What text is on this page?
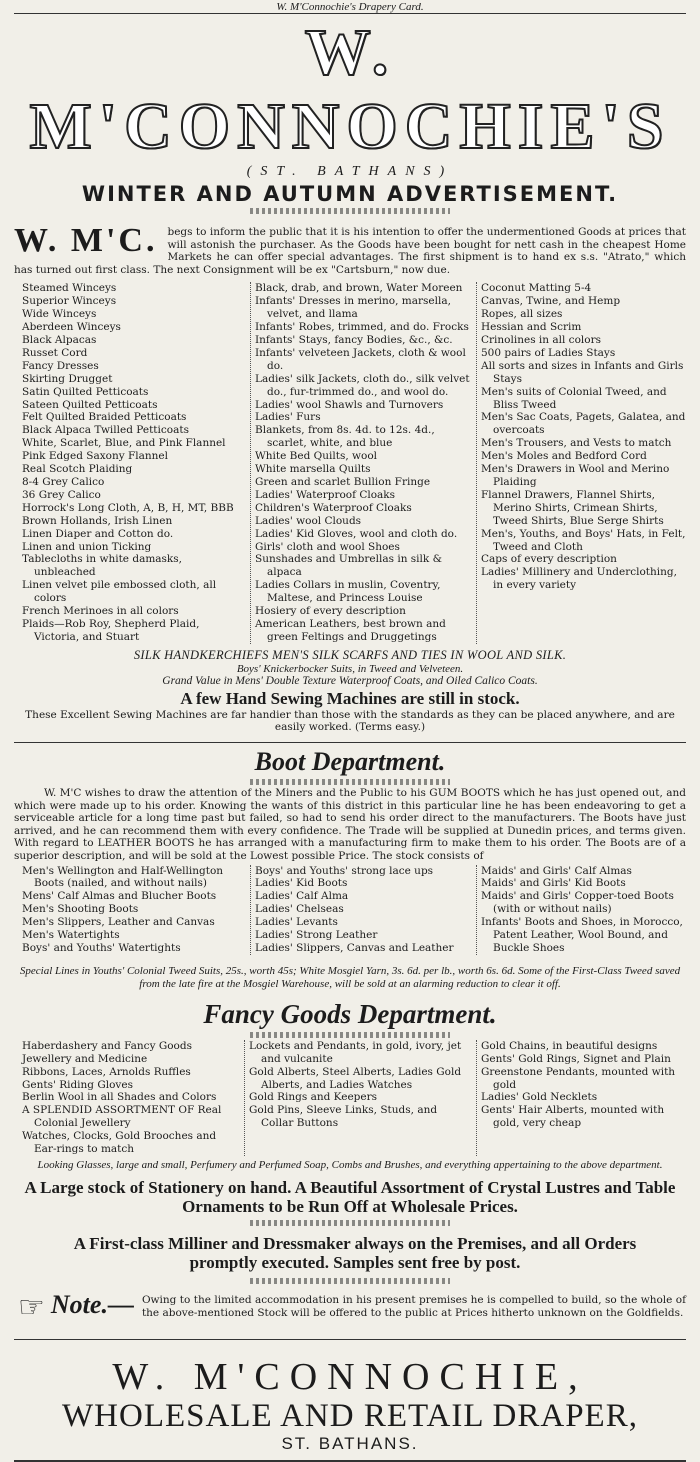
W. M'Connochie's Drapery Card.
W. M'CONNOCHIE'S
(ST. BATHANS)
WINTER AND AUTUMN ADVERTISEMENT.
W. M'C. begs to inform the public that it is his intention to offer the undermentioned Goods at prices that will astonish the purchaser. As the Goods have been bought for nett cash in the cheapest Home Markets he can offer special advantages. The first shipment is to hand ex s.s. "Atrato," which has turned out first class. The next Consignment will be ex "Cartsburn," now due.
Steamed Winceys
Superior Winceys
Wide Winceys
Aberdeen Winceys
Black Alpacas
Russet Cord
Fancy Dresses
Skirting Drugget
Satin Quilted Petticoats
Sateen Quilted Petticoats
Felt Quilted Braided Petticoats
Black Alpaca Twilled Petticoats
White, Scarlet, Blue, and Pink Flannel
Pink Edged Saxony Flannel
Real Scotch Plaiding
8-4 Grey Calico
36 Grey Calico
Horrock's Long Cloth, A, B, H, MT, BBB
Brown Hollands, Irish Linen
Linen Diaper and Cotton do.
Linen and union Ticking
Tablecloths in white damasks, unbleached
Linen velvet pile embossed cloth, all colors
French Merinoes in all colors
Plaids—Rob Roy, Shepherd Plaid, Victoria, and Stuart
Black, drab, and brown, Water Moreen
Infants' Dresses in merino, marsella, velvet, and llama
Infants' Robes, trimmed, and do. Frocks
Infants' Stays, fancy Bodies, &c., &c.
Infants' velveteen Jackets, cloth & wool do.
Ladies' silk Jackets, cloth do., silk velvet do., fur-trimmed do., and wool do.
Ladies' wool Shawls and Turnovers
Ladies' Furs
Blankets, from 8s. 4d. to 12s. 4d., scarlet, white, and blue
White Bed Quilts, wool
White marsella Quilts
Green and scarlet Bullion Fringe
Ladies' Waterproof Cloaks
Children's Waterproof Cloaks
Ladies' wool Clouds
Ladies' Kid Gloves, wool and cloth do.
Girls' cloth and wool Shoes
Sunshades and Umbrellas in silk & alpaca
Ladies Collars in muslin, Coventry, Maltese, and Princess Louise
Hosiery of every description
American Leathers, best brown and green Feltings and Druggetings
Coconut Matting 5-4
Canvas, Twine, and Hemp
Ropes, all sizes
Hessian and Scrim
Crinolines in all colors
500 pairs of Ladies Stays
All sorts and sizes in Infants and Girls Stays
Men's suits of Colonial Tweed, and Bliss Tweed
Men's Sac Coats, Pagets, Galatea, and overcoats
Men's Trousers, and Vests to match
Men's Moles and Bedford Cord
Men's Drawers in Wool and Merino Plaiding
Flannel Drawers, Flannel Shirts, Merino Shirts, Crimean Shirts, Tweed Shirts, Blue Serge Shirts
Men's, Youths, and Boys' Hats, in Felt, Tweed and Cloth
Caps of every description
Ladies' Millinery and Underclothing, in every variety
SILK HANDKERCHIEFS MEN'S SILK SCARFS AND TIES IN WOOL AND SILK.
Boys' Knickerbocker Suits, in Tweed and Velveteen.
Grand Value in Mens' Double Texture Waterproof Coats, and Oiled Calico Coats.
A few Hand Sewing Machines are still in stock.
These Excellent Sewing Machines are far handier than those with the standards as they can be placed anywhere, and are easily worked. (Terms easy.)
Boot Department.
W. M'C wishes to draw the attention of the Miners and the Public to his GUM BOOTS which he has just opened out, and which were made up to his order. Knowing the wants of this district in this particular line he has been endeavoring to get a serviceable article for a long time past but failed, so had to send his order direct to the manufacturers. The Boots have just arrived, and he can recommend them with every confidence. The Trade will be supplied at Dunedin prices, and terms given. With regard to LEATHER BOOTS he has arranged with a manufacturing firm to make them to his order. The Boots are of a superior description, and will be sold at the Lowest possible Price. The stock consists of
Men's Wellington and Half-Wellington Boots (nailed, and without nails)
Mens' Calf Almas and Blucher Boots
Men's Shooting Boots
Men's Slippers, Leather and Canvas
Men's Watertights
Boys' and Youths' Watertights
Boys' and Youths' strong lace ups
Ladies' Kid Boots
Ladies' Calf Alma
Ladies' Chelseas
Ladies' Levants
Ladies' Strong Leather
Ladies' Slippers, Canvas and Leather
Maids' and Girls' Calf Almas
Maids' and Girls' Kid Boots
Maids' and Girls' Copper-toed Boots (with or without nails)
Infants' Boots and Shoes, in Morocco, Patent Leather, Wool Bound, and Buckle Shoes
Special Lines in Youths' Colonial Tweed Suits, 25s., worth 45s; White Mosgiel Yarn, 3s. 6d. per lb., worth 6s. 6d. Some of the First-Class Tweed saved from the late fire at the Mosgiel Warehouse, will be sold at an alarming reduction to clear it off.
Fancy Goods Department.
Haberdashery and Fancy Goods
Jewellery and Medicine
Ribbons, Laces, Arnolds Ruffles
Gents' Riding Gloves
Berlin Wool in all Shades and Colors
A SPLENDID ASSORTMENT OF Real Colonial Jewellery
Watches, Clocks, Gold Brooches and Ear-rings to match
Lockets and Pendants, in gold, ivory, jet and vulcanite
Gold Alberts, Steel Alberts, Ladies Gold Alberts, and Ladies Watches
Gold Rings and Keepers
Gold Pins, Sleeve Links, Studs, and Collar Buttons
Gold Chains, in beautiful designs
Gents' Gold Rings, Signet and Plain
Greenstone Pendants, mounted with gold
Ladies' Gold Necklets
Gents' Hair Alberts, mounted with gold, very cheap
Looking Glasses, large and small, Perfumery and Perfumed Soap, Combs and Brushes, and everything appertaining to the above department.
A Large stock of Stationery on hand. A Beautiful Assortment of Crystal Lustres and Table Ornaments to be Run Off at Wholesale Prices.
A First-class Milliner and Dressmaker always on the Premises, and all Orders promptly executed. Samples sent free by post.
☞ Note.— Owing to the limited accommodation in his present premises he is compelled to build, so the whole of the above-mentioned Stock will be offered to the public at Prices hitherto unknown on the Goldfields.
W. M'CONNOCHIE,
WHOLESALE AND RETAIL DRAPER,
ST. BATHANS.
